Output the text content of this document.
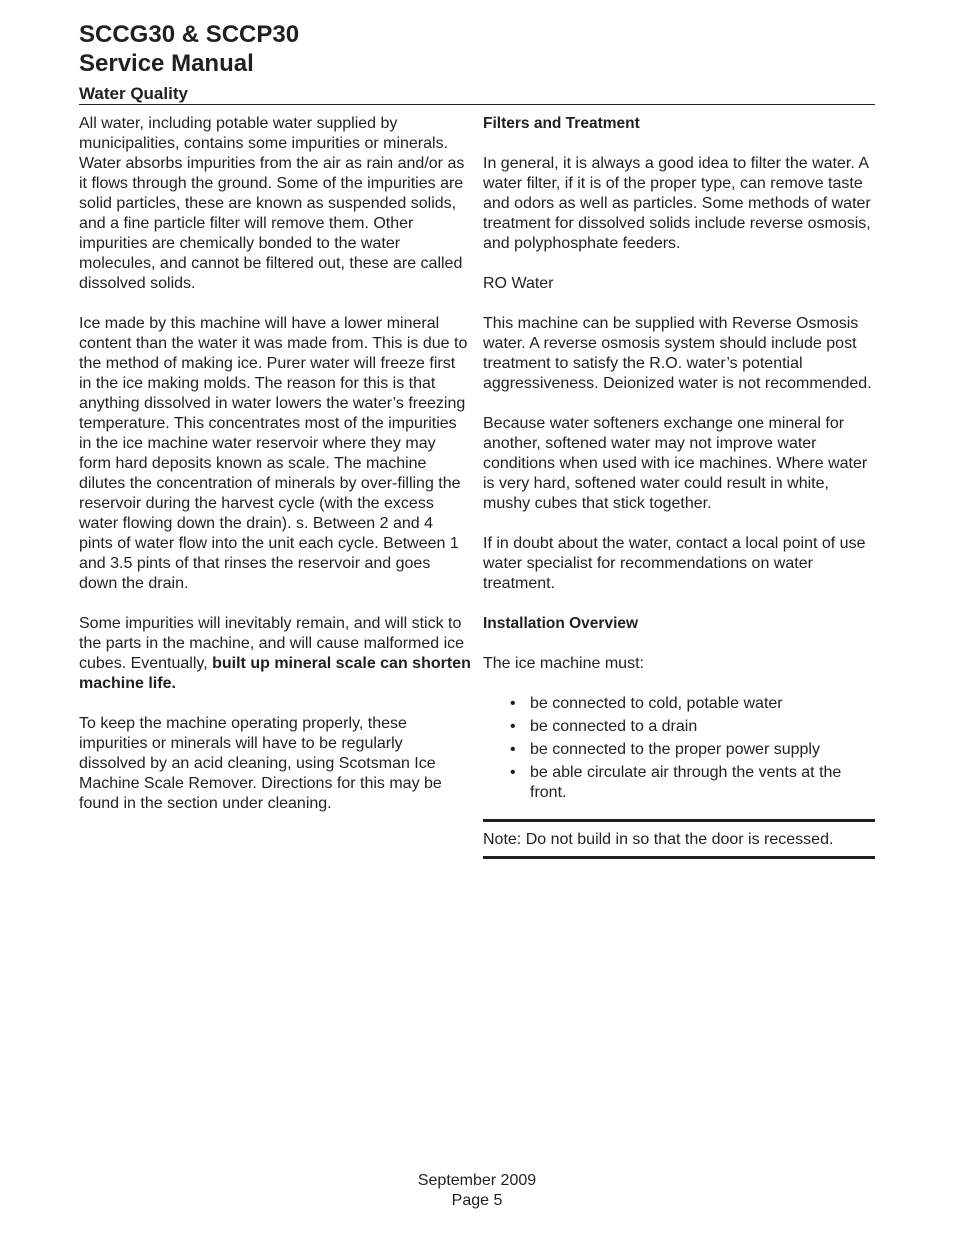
SCCG30 & SCCP30
Service Manual
Water Quality

All water, including potable water supplied by municipalities, contains some impurities or minerals. Water absorbs impurities from the air as rain and/or as it flows through the ground. Some of the impurities are solid particles, these are known as suspended solids, and a fine particle filter will remove them. Other impurities are chemically bonded to the water molecules, and cannot be filtered out, these are called dissolved solids.

Ice made by this machine will have a lower mineral content than the water it was made from. This is due to the method of making ice. Purer water will freeze first in the ice making molds. The reason for this is that anything dissolved in water lowers the water’s freezing temperature. This concentrates most of the impurities in the ice machine water reservoir where they may form hard deposits known as scale. The machine dilutes the concentration of minerals by over-filling the reservoir during the harvest cycle (with the excess water flowing down the drain). s. Between 2 and 4 pints of water flow into the unit each cycle. Between 1 and 3.5 pints of that rinses the reservoir and goes down the drain.

Some impurities will inevitably remain, and will stick to the parts in the machine, and will cause malformed ice cubes. Eventually, built up mineral scale can shorten machine life.

To keep the machine operating properly, these impurities or minerals will have to be regularly dissolved by an acid cleaning, using Scotsman Ice Machine Scale Remover. Directions for this may be found in the section under cleaning.

Filters and Treatment

In general, it is always a good idea to filter the water. A water filter, if it is of the proper type, can remove taste and odors as well as particles. Some methods of water treatment for dissolved solids include reverse osmosis, and polyphosphate feeders.

RO Water

This machine can be supplied with Reverse Osmosis water. A reverse osmosis system should include post treatment to satisfy the R.O. water’s potential aggressiveness. Deionized water is not recommended.

Because water softeners exchange one mineral for another, softened water may not improve water conditions when used with ice machines. Where water is very hard, softened water could result in white, mushy cubes that stick together.

If in doubt about the water, contact a local point of use water specialist for recommendations on water treatment.

Installation Overview

The ice machine must:

• be connected to cold, potable water
• be connected to a drain
• be connected to the proper power supply
• be able circulate air through the vents at the front.
Note: Do not build in so that the door is recessed.
September 2009
Page 5
